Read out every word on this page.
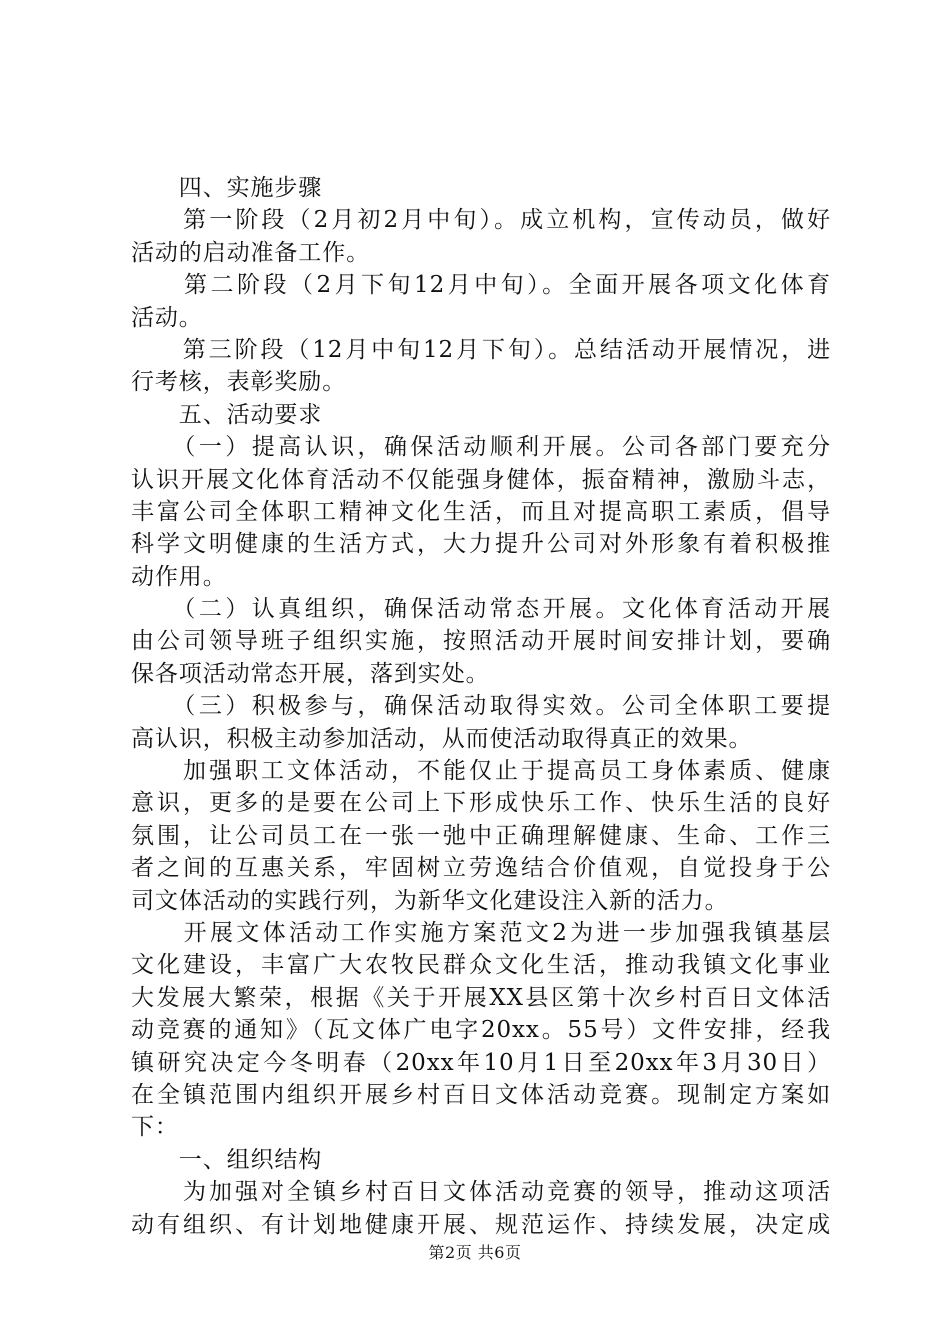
　　四、实施步骤
　　第一阶段（2月初2月中旬）。成立机构，宣传动员，做好
活动的启动准备工作。
　　第二阶段（2月下旬12月中旬）。全面开展各项文化体育
活动。
　　第三阶段（12月中旬12月下旬）。总结活动开展情况，进
行考核，表彰奖励。
　　五、活动要求
　　（一）提高认识，确保活动顺利开展。公司各部门要充分
认识开展文化体育活动不仅能强身健体，振奋精神，激励斗志，
丰富公司全体职工精神文化生活，而且对提高职工素质，倡导
科学文明健康的生活方式，大力提升公司对外形象有着积极推
动作用。
　　（二）认真组织，确保活动常态开展。文化体育活动开展
由公司领导班子组织实施，按照活动开展时间安排计划，要确
保各项活动常态开展，落到实处。
　　（三）积极参与，确保活动取得实效。公司全体职工要提
高认识，积极主动参加活动，从而使活动取得真正的效果。
　　加强职工文体活动，不能仅止于提高员工身体素质、健康
意识，更多的是要在公司上下形成快乐工作、快乐生活的良好
氛围，让公司员工在一张一弛中正确理解健康、生命、工作三
者之间的互惠关系，牢固树立劳逸结合价值观，自觉投身于公
司文体活动的实践行列，为新华文化建设注入新的活力。
　　开展文体活动工作实施方案范文2为进一步加强我镇基层
文化建设，丰富广大农牧民群众文化生活，推动我镇文化事业
大发展大繁荣，根据《关于开展XX县区第十次乡村百日文体活
动竞赛的通知》（瓦文体广电字20xx。55号）文件安排，经我
镇研究决定今冬明春（20xx年10月1日至20xx年3月30日）
在全镇范围内组织开展乡村百日文体活动竞赛。现制定方案如
下：
　　一、组织结构
　　为加强对全镇乡村百日文体活动竞赛的领导，推动这项活
动有组织、有计划地健康开展、规范运作、持续发展，决定成
第2页 共6页
